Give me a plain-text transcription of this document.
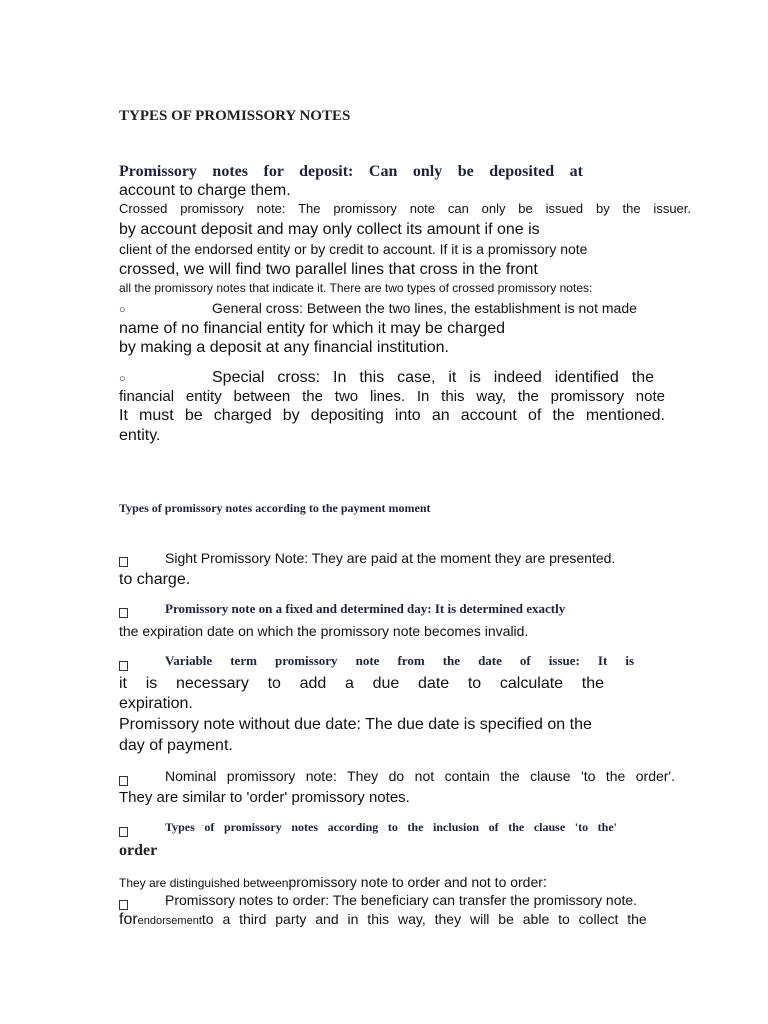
TYPES OF PROMISSORY NOTES
Promissory notes for deposit: Can only be deposited at
account to charge them.
Crossed promissory note: The promissory note can only be issued by the issuer.
by account deposit and may only collect its amount if one is
client of the endorsed entity or by credit to account. If it is a promissory note
crossed, we will find two parallel lines that cross in the front
all the promissory notes that indicate it. There are two types of crossed promissory notes:
○	General cross: Between the two lines, the establishment is not made
name of no financial entity for which it may be charged
by making a deposit at any financial institution.
○	Special cross: In this case, it is indeed identified the
financial entity between the two lines. In this way, the promissory note
It must be charged by depositing into an account of the mentioned.
entity.
Types of promissory notes according to the payment moment
Sight Promissory Note: They are paid at the moment they are presented.
to charge.
Promissory note on a fixed and determined day: It is determined exactly
the expiration date on which the promissory note becomes invalid.
Variable term promissory note from the date of issue: It is
it is necessary to add a due date to calculate the
expiration.
Promissory note without due date: The due date is specified on the
day of payment.
Nominal promissory note: They do not contain the clause 'to the order'.
They are similar to 'order' promissory notes.
Types of promissory notes according to the inclusion of the clause 'to the'
order
They are distinguished betweenpromissory note to order and not to order:
Promissory notes to order: The beneficiary can transfer the promissory note.
forendorsementto a third party and in this way, they will be able to collect the
